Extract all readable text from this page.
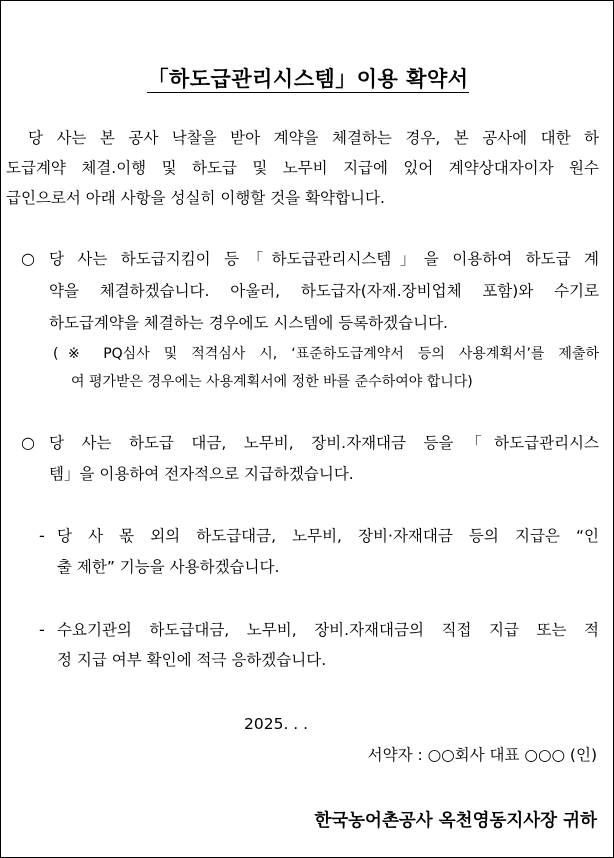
「하도급관리시스템」이용 확약서
당 사는 본 공사 낙찰을 받아 계약을 체결하는 경우, 본 공사에 대한 하
도급계약 체결.이행 및 하도급 및 노무비 지급에 있어 계약상대자이자 원수
급인으로서 아래 사항을 성실히 이행할 것을 확약합니다.
○ 당 사는 하도급지킴이 등「하도급관리시스템」을 이용하여 하도급 계
약을 체결하겠습니다. 아울러, 하도급자(자재.장비업체 포함)와 수기로
하도급계약을 체결하는 경우에도 시스템에 등록하겠습니다.
(※ PQ심사 및 적격심사 시, ‘표준하도급계약서 등의 사용계획서’를 제출하
여 평가받은 경우에는 사용계획서에 정한 바를 준수하여야 합니다)
○ 당 사는 하도급 대금, 노무비, 장비.자재대금 등을「하도급관리시스
템」을 이용하여 전자적으로 지급하겠습니다.
- 당 사 몫 외의 하도급대금, 노무비, 장비·자재대금 등의 지급은 “인
출 제한” 기능을 사용하겠습니다.
- 수요기관의 하도급대금, 노무비, 장비.자재대금의 직접 지급 또는 적
정 지급 여부 확인에 적극 응하겠습니다.
2025. . .
서약자 : ○○회사 대표 ○○○ (인)
한국농어촌공사 옥천영동지사장 귀하
